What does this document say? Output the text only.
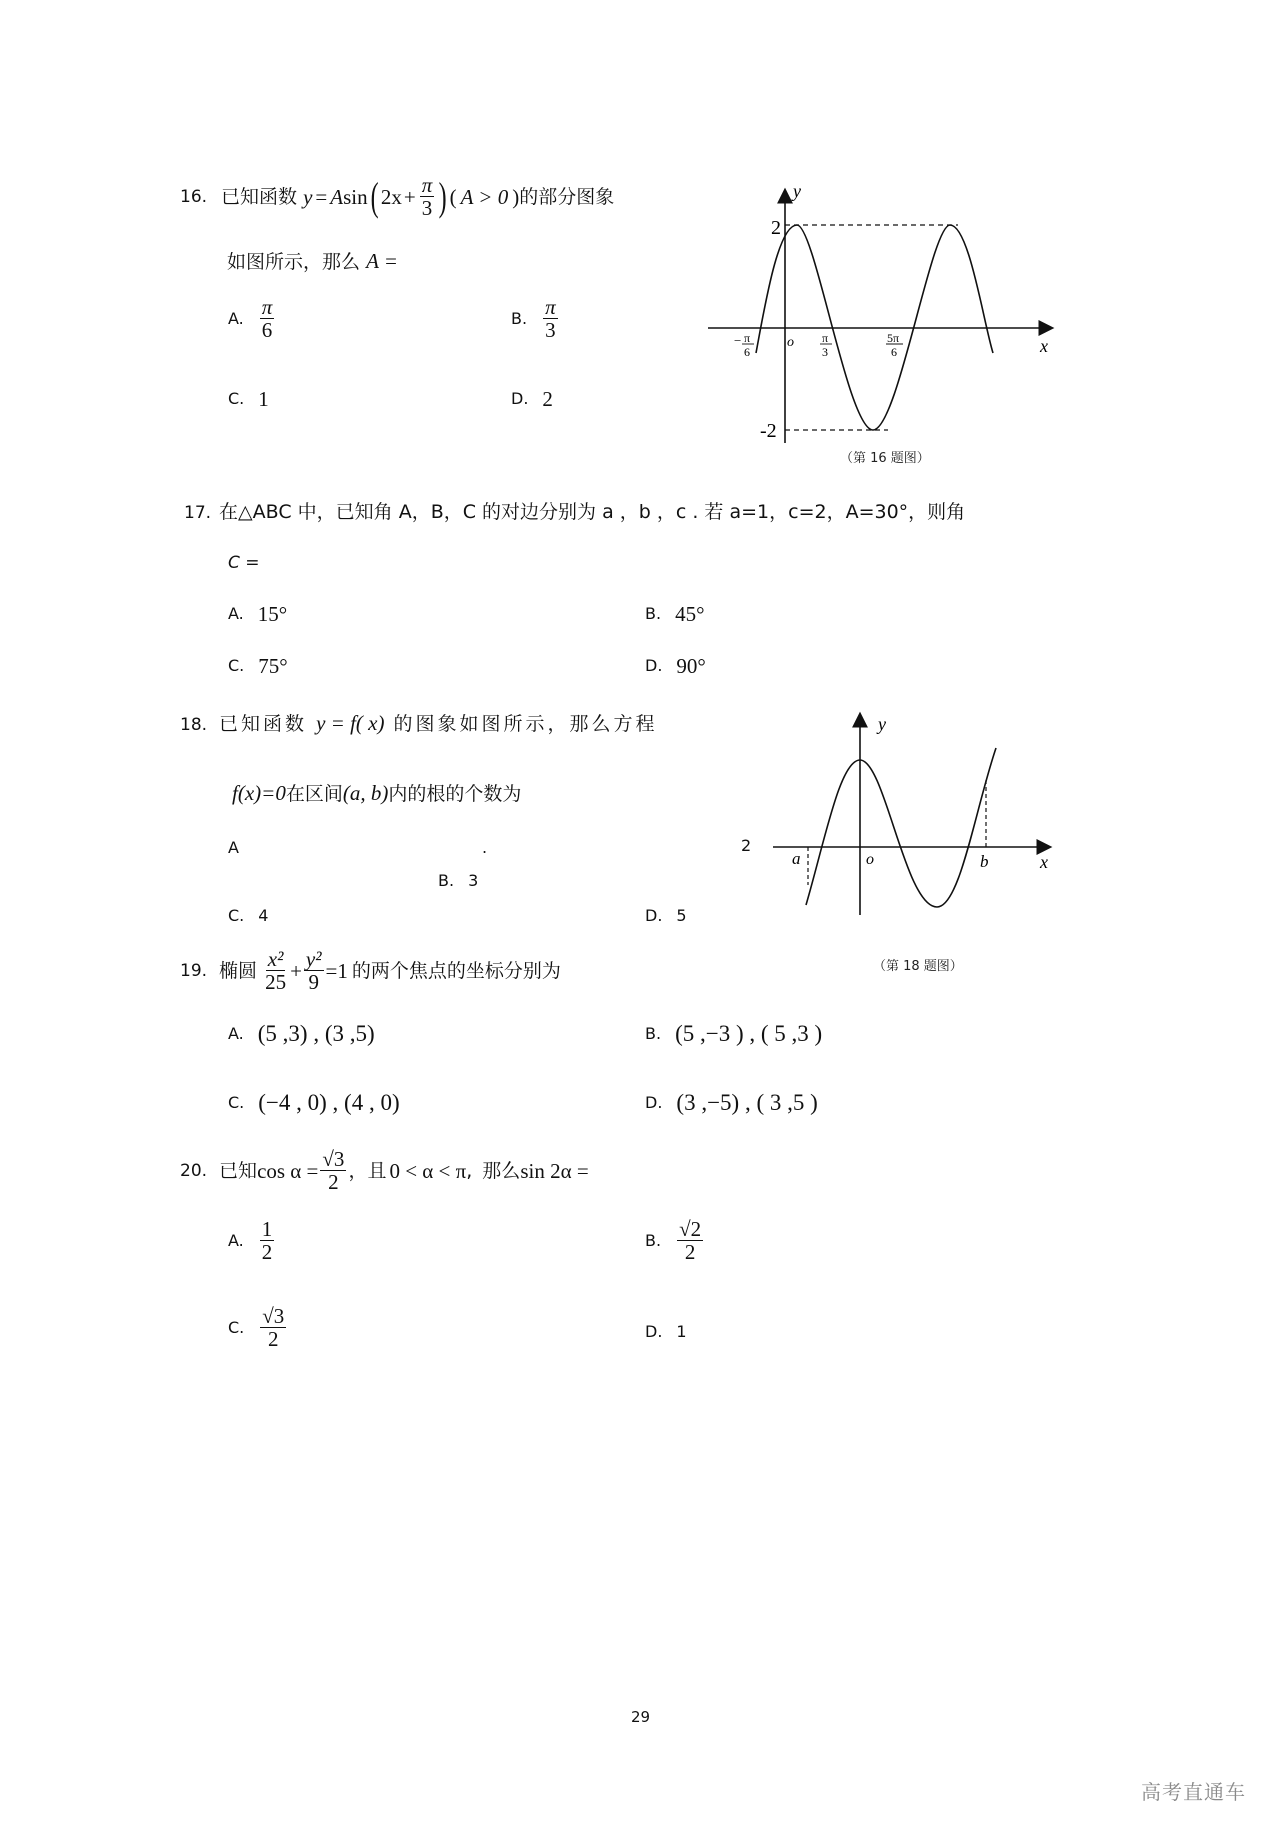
16. 已知函数 y = A sin ( $2x + \frac{\pi}{3}$ ) ( A > 0 ) 的部分图象
如图所示，那么 A =
A. $\frac{\pi}{6}$	B. $\frac{\pi}{3}$
C. 1	D. 2
y
x
o
2
-2
− π
6
π
3
5π
6
（第 16 题图）
17. 在△ABC 中，已知角 A，B，C 的对边分别为 a ，b ，c . 若 a=1，c=2，A=30°，则角
C =
A. 15°	B. 45°
C. 75°	D. 90°
18. 已知函数 y = f( x) 的图象如图所示，那么方程
f(x)=0在区间(a, b)内的根的个数为
A	.
B. 3
C. 4	D. 5
2
y
x
o
a	b
（第 18 题图）
19. 椭圆 $\frac{\text{x²}}{25} + \frac{\text{y²}}{9} =1$ 的两个焦点的坐标分别为
A. (5 ,3) , (3 ,5)	B. (5 ,−3 ) , ( 5 ,3 )
C. (−4 , 0) , (4 , 0)	D. (3 ,−5) , ( 3 ,5 )
20. 已知 $\cos \alpha = \frac{√3}{2}$ ，且 0 < α < π , 那么 sin 2α =
A. $\frac{1}{2}$	B. $\frac{√2}{2}$
C. $\frac{√3}{2}$	D. 1
29
高考直通车
